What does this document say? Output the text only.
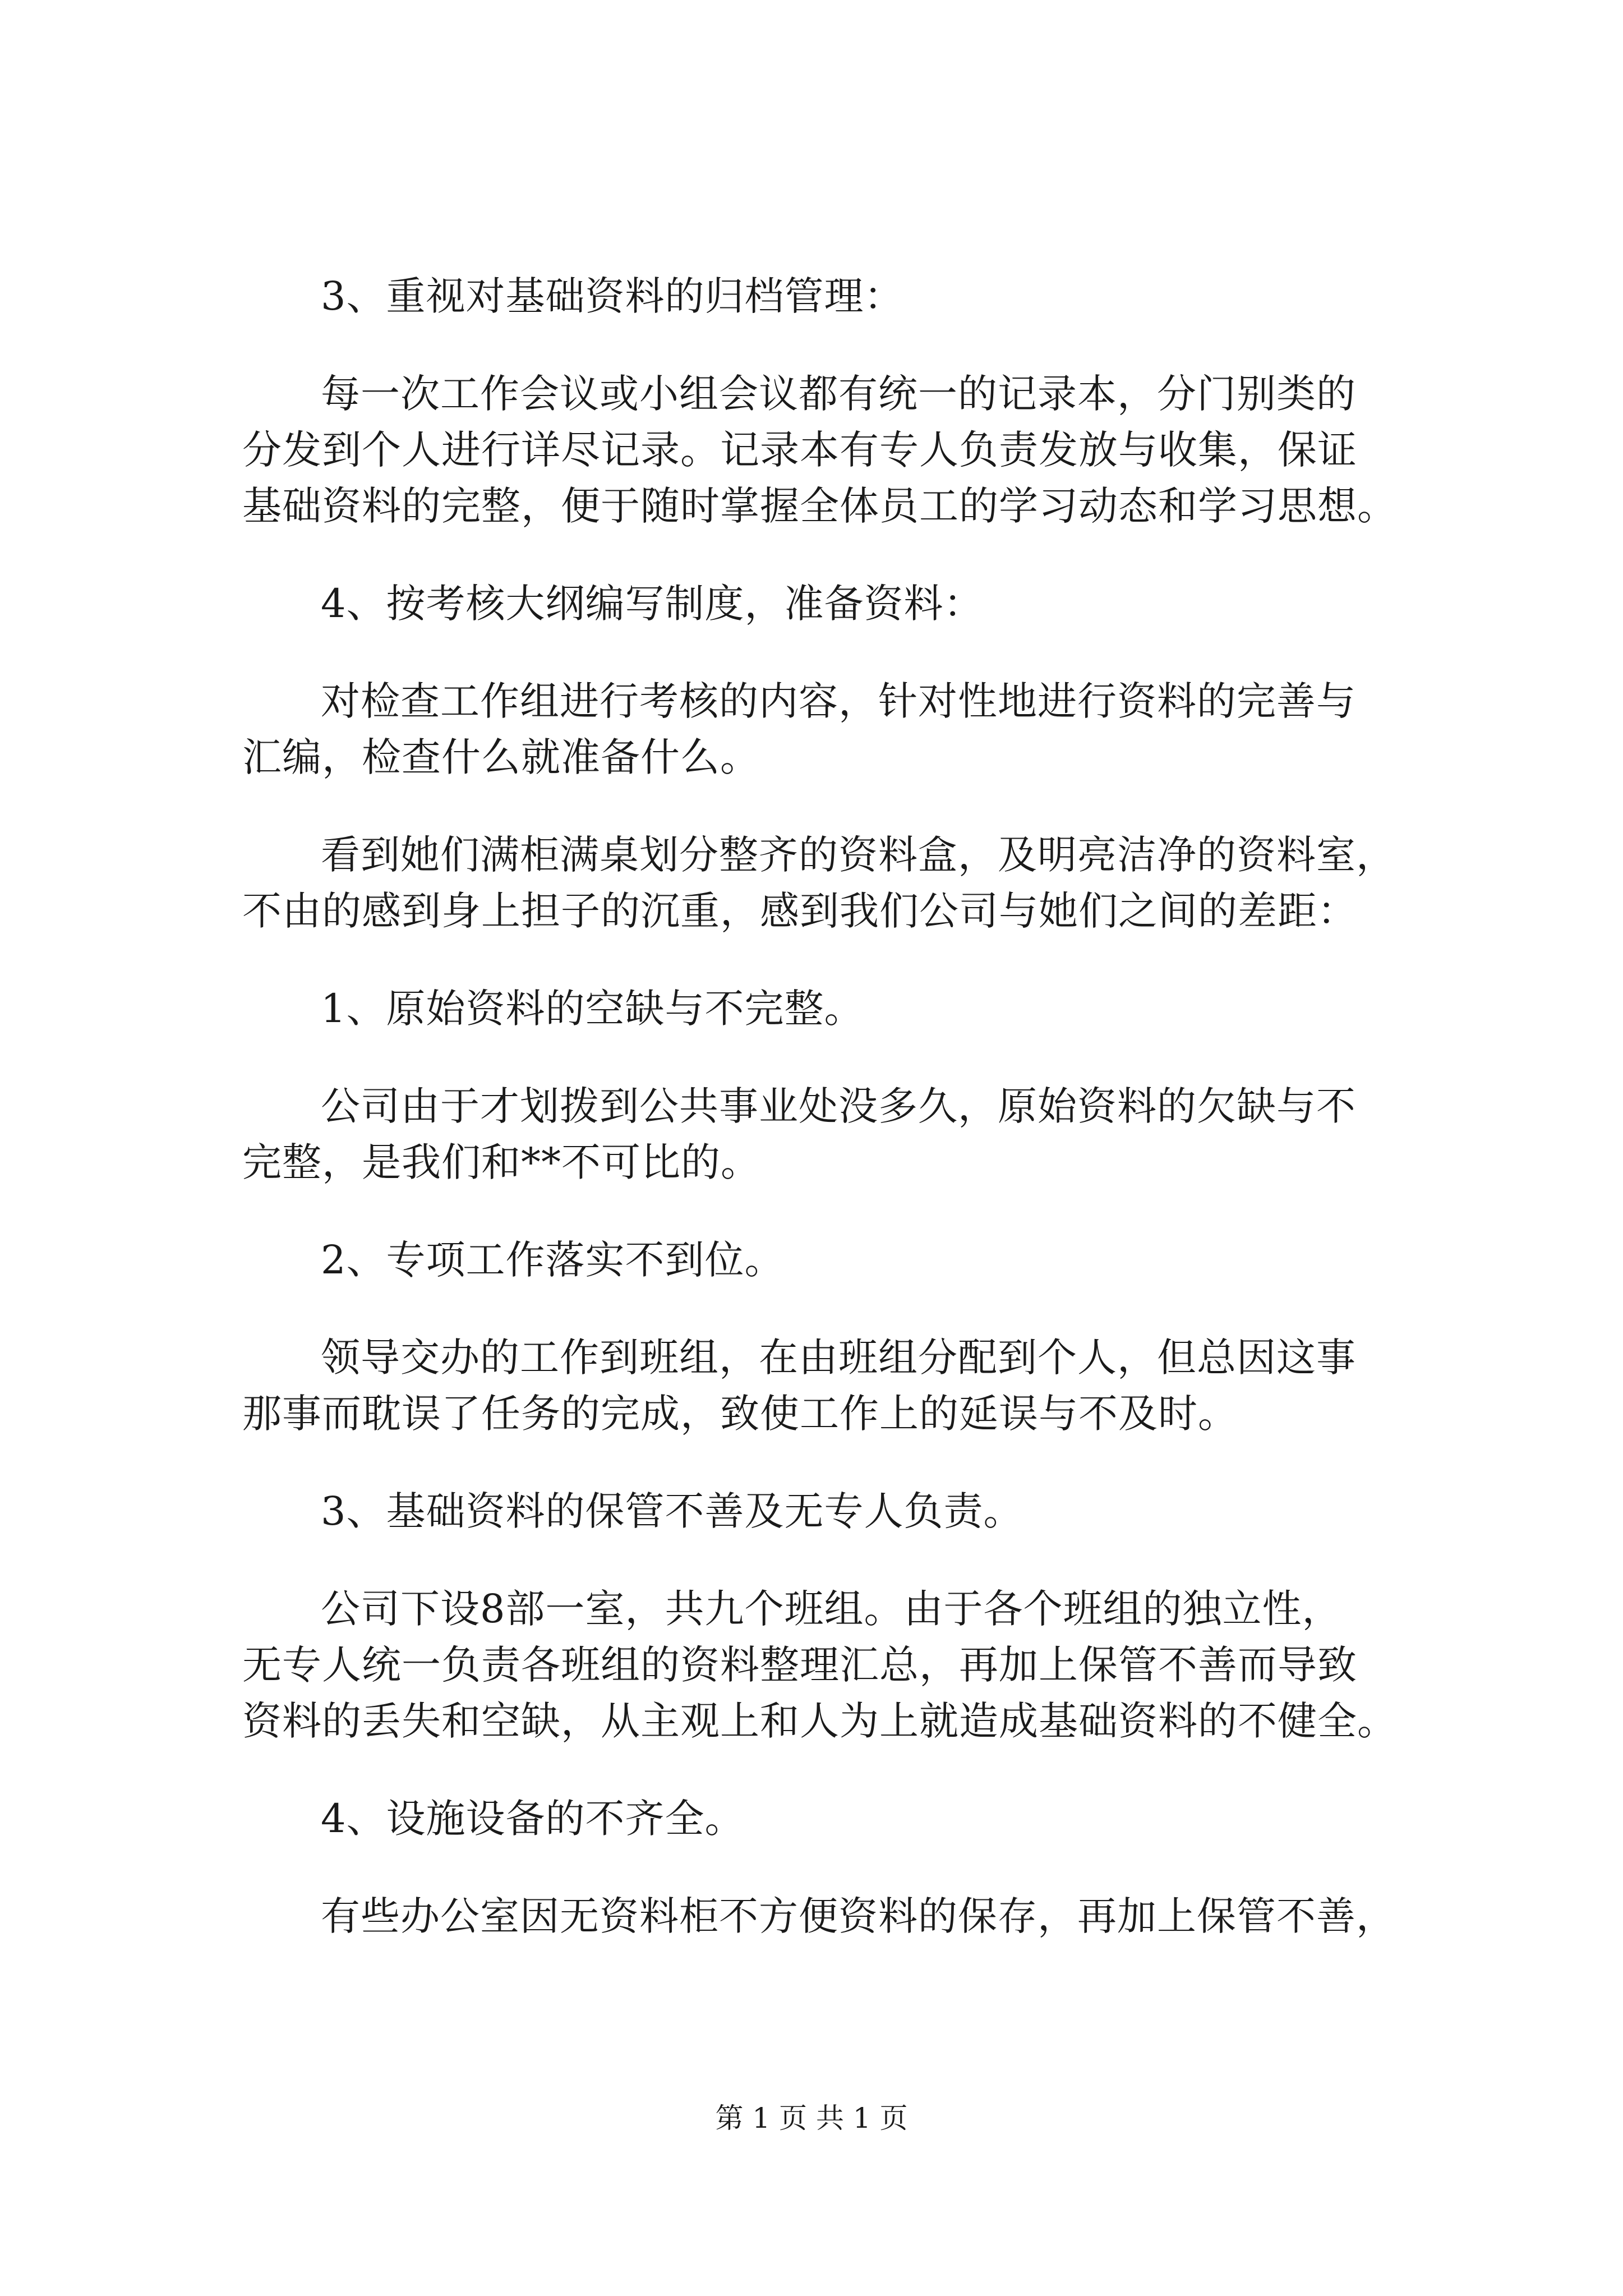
3、重视对基础资料的归档管理：
每一次工作会议或小组会议都有统一的记录本，分门别类的
分发到个人进行详尽记录。记录本有专人负责发放与收集，保证
基础资料的完整，便于随时掌握全体员工的学习动态和学习思想。
4、按考核大纲编写制度，准备资料：
对检查工作组进行考核的内容，针对性地进行资料的完善与
汇编，检查什么就准备什么。
看到她们满柜满桌划分整齐的资料盒，及明亮洁净的资料室，
不由的感到身上担子的沉重，感到我们公司与她们之间的差距：
1、原始资料的空缺与不完整。
公司由于才划拨到公共事业处没多久，原始资料的欠缺与不
完整，是我们和**不可比的。
2、专项工作落实不到位。
领导交办的工作到班组，在由班组分配到个人，但总因这事
那事而耽误了任务的完成，致使工作上的延误与不及时。
3、基础资料的保管不善及无专人负责。
公司下设8部一室，共九个班组。由于各个班组的独立性，
无专人统一负责各班组的资料整理汇总，再加上保管不善而导致
资料的丢失和空缺，从主观上和人为上就造成基础资料的不健全。
4、设施设备的不齐全。
有些办公室因无资料柜不方便资料的保存，再加上保管不善，
第 1 页 共 1 页
